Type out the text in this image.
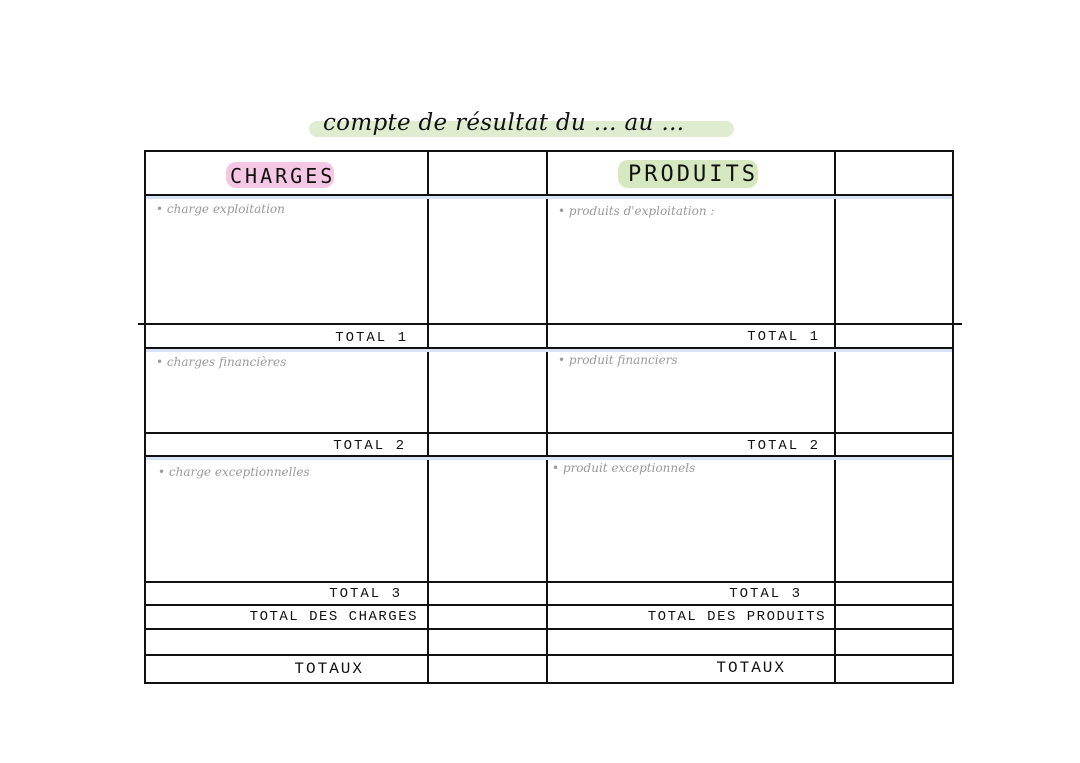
compte de résultat du … au …
CHARGES	PRODUITS
• charge exploitation	• produits d'exploitation :
TOTAL 1	TOTAL 1
• charges financières	• produit financiers
TOTAL 2	TOTAL 2
• charge exceptionnelles	• produit exceptionnels
TOTAL 3	TOTAL 3
TOTAL DES CHARGES	TOTAL DES PRODUITS
TOTAUX	TOTAUX
